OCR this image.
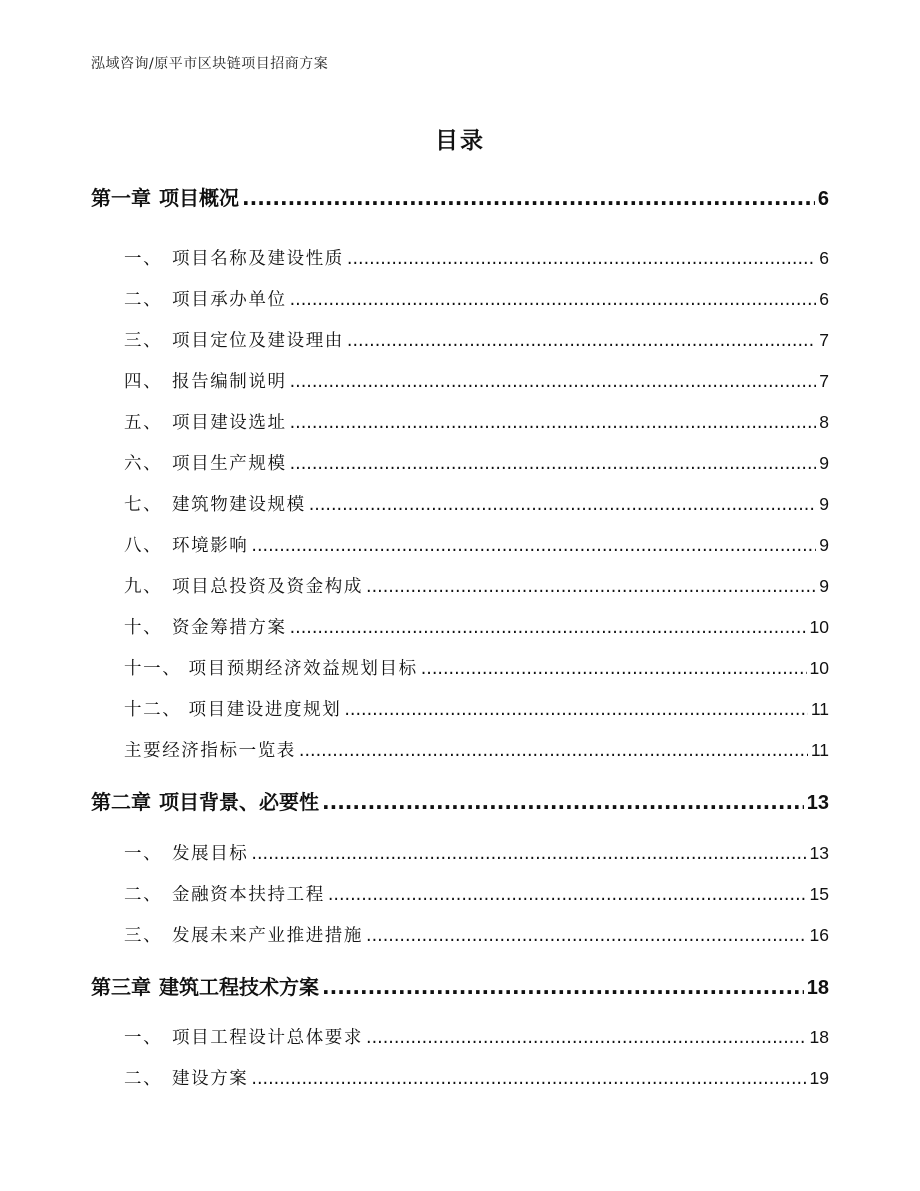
泓域咨询/原平市区块链项目招商方案
目录
第一章 项目概况 .....	6
一、 项目名称及建设性质 .....	6
二、 项目承办单位 .....	6
三、 项目定位及建设理由 .....	7
四、 报告编制说明 .....	7
五、 项目建设选址 .....	8
六、 项目生产规模 .....	9
七、 建筑物建设规模 .....	9
八、 环境影响 .....	9
九、 项目总投资及资金构成 .....	9
十、 资金筹措方案 .....	10
十一、 项目预期经济效益规划目标 .....	10
十二、 项目建设进度规划 .....	11
主要经济指标一览表 .....	11
第二章 项目背景、必要性 .....	13
一、 发展目标 .....	13
二、 金融资本扶持工程 .....	15
三、 发展未来产业推进措施 .....	16
第三章 建筑工程技术方案 .....	18
一、 项目工程设计总体要求 .....	18
二、 建设方案 .....	19
